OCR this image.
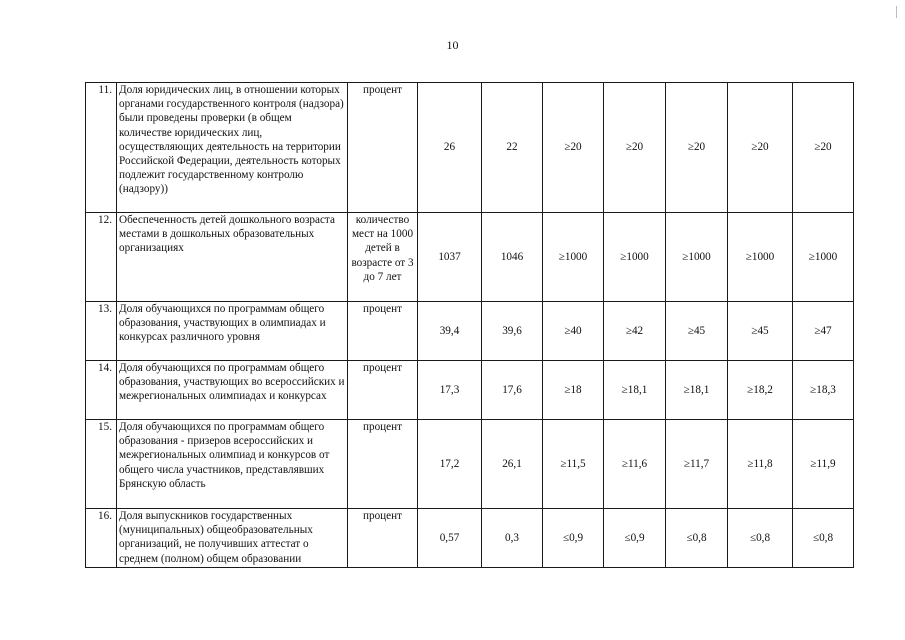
10
11.	Доля юридических лиц, в отношении которых органами государственного контроля (надзора) были проведены проверки (в общем количестве юридических лиц, осуществляющих деятельность на территории Российской Федерации, деятельность которых подлежит государственному контролю (надзору))	процент	26	22	≥20	≥20	≥20	≥20	≥20
12.	Обеспеченность детей дошкольного возраста местами в дошкольных образовательных организациях	количество мест на 1000 детей в возрасте от 3 до 7 лет	1037	1046	≥1000	≥1000	≥1000	≥1000	≥1000
13.	Доля обучающихся по программам общего образования, участвующих в олимпиадах и конкурсах различного уровня	процент	39,4	39,6	≥40	≥42	≥45	≥45	≥47
14.	Доля обучающихся по программам общего образования, участвующих во всероссийских и межрегиональных олимпиадах и конкурсах	процент	17,3	17,6	≥18	≥18,1	≥18,1	≥18,2	≥18,3
15.	Доля обучающихся по программам общего образования - призеров всероссийских и межрегиональных олимпиад и конкурсов от общего числа участников, представлявших Брянскую область	процент	17,2	26,1	≥11,5	≥11,6	≥11,7	≥11,8	≥11,9
16.	Доля выпускников государственных (муниципальных) общеобразовательных организаций, не получивших аттестат о среднем (полном) общем образовании	процент	0,57	0,3	≤0,9	≤0,9	≤0,8	≤0,8	≤0,8
